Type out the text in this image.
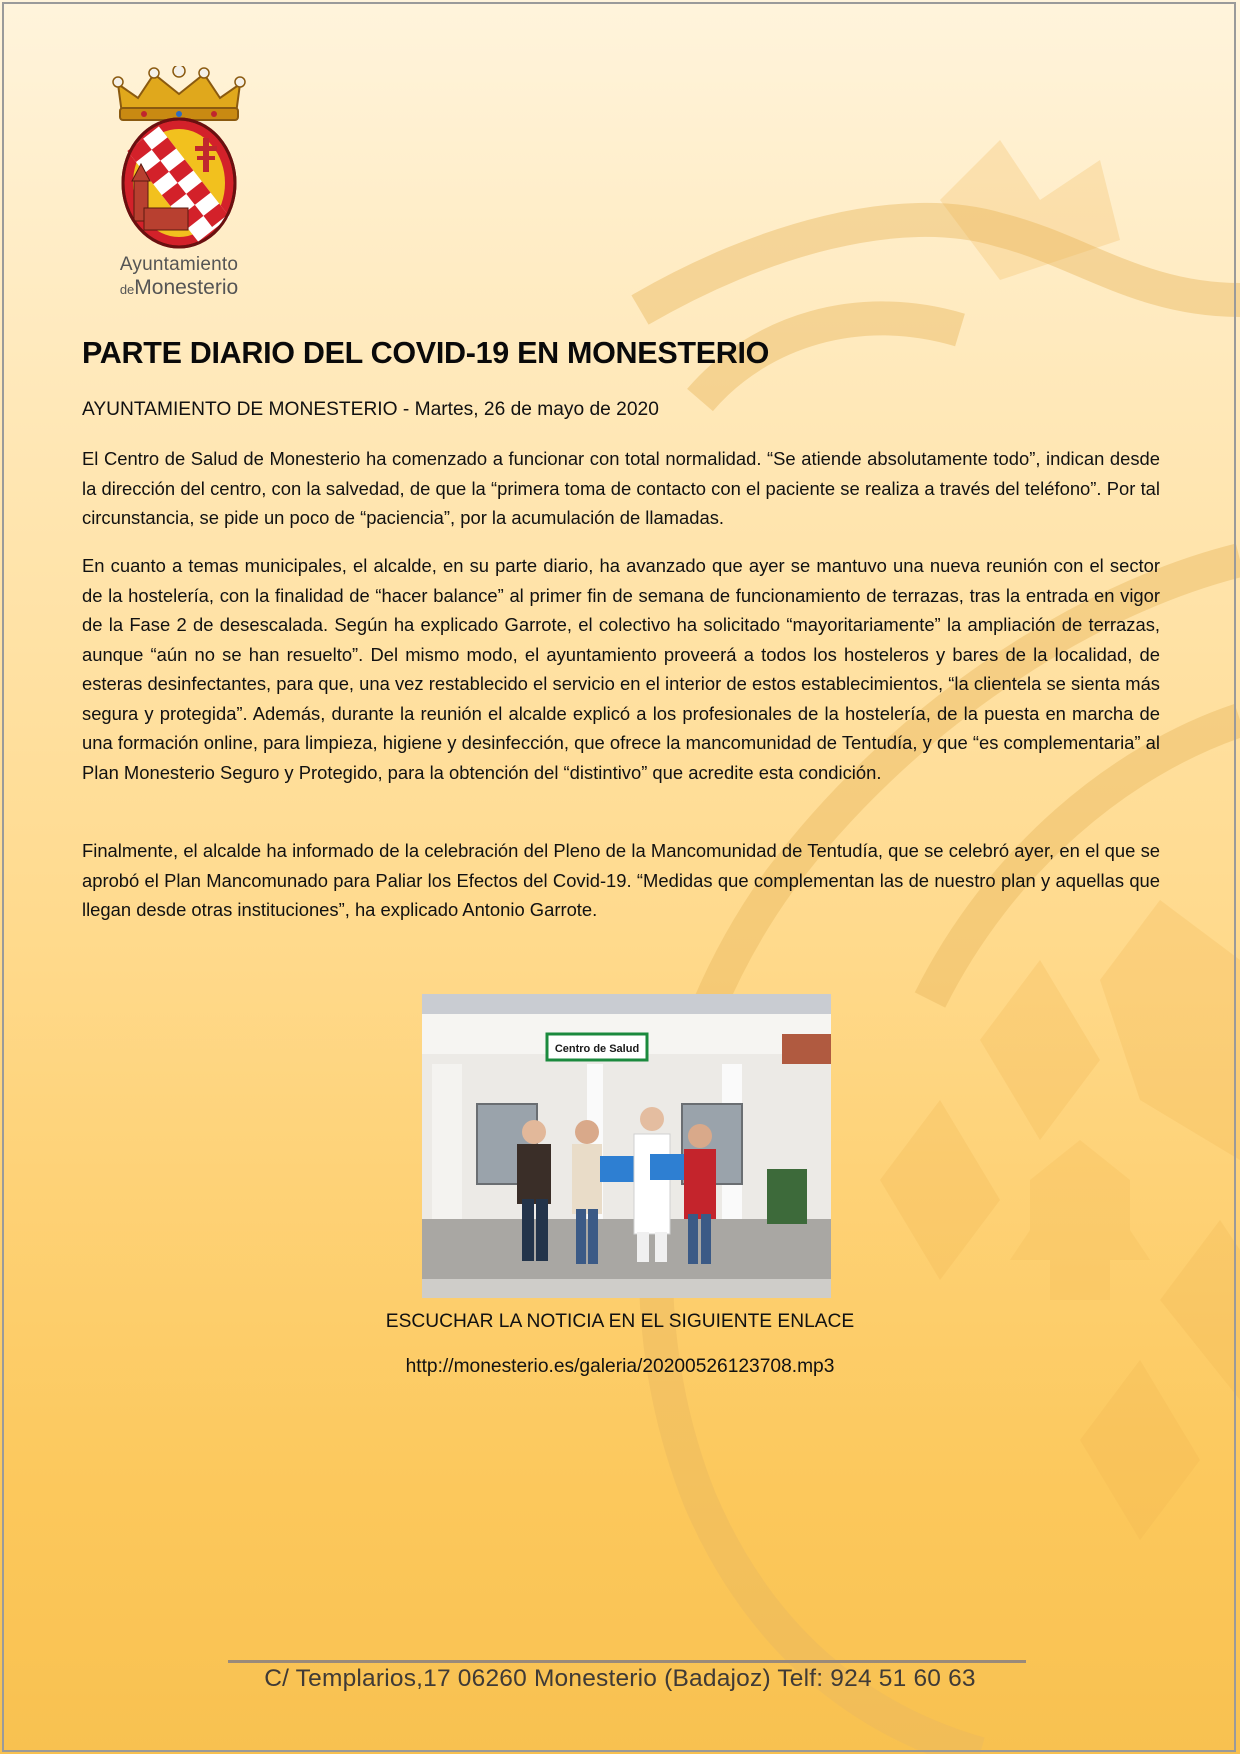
Ayuntamiento
deMonesterio
PARTE DIARIO DEL COVID-19 EN MONESTERIO

AYUNTAMIENTO DE MONESTERIO - Martes, 26 de mayo de 2020

El Centro de Salud de Monesterio ha comenzado a funcionar con total normalidad. “Se atiende absolutamente todo”, indican desde la dirección del centro, con la salvedad, de que la “primera toma de contacto con el paciente se realiza a través del teléfono”. Por tal circunstancia, se pide un poco de “paciencia”, por la acumulación de llamadas.

En cuanto a temas municipales, el alcalde, en su parte diario, ha avanzado que ayer se mantuvo una nueva reunión con el sector de la hostelería, con la finalidad de “hacer balance” al primer fin de semana de funcionamiento de terrazas, tras la entrada en vigor de la Fase 2 de desescalada. Según ha explicado Garrote, el colectivo ha solicitado “mayoritariamente” la ampliación de terrazas, aunque “aún no se han resuelto”. Del mismo modo, el ayuntamiento proveerá a todos los hosteleros y bares de la localidad, de esteras desinfectantes, para que, una vez restablecido el servicio en el interior de estos establecimientos, “la clientela se sienta más segura y protegida”. Además, durante la reunión el alcalde explicó a los profesionales de la hostelería, de la puesta en marcha de una formación online, para limpieza, higiene y desinfección, que ofrece la mancomunidad de Tentudía, y que “es complementaria” al Plan Monesterio Seguro y Protegido, para la obtención del “distintivo” que acredite esta condición.

Finalmente, el alcalde ha informado de la celebración del Pleno de la Mancomunidad de Tentudía, que se celebró ayer, en el que se aprobó el Plan Mancomunado para Paliar los Efectos del Covid-19. “Medidas que complementan las de nuestro plan y aquellas que llegan desde otras instituciones”, ha explicado Antonio Garrote.

Centro de Salud

ESCUCHAR LA NOTICIA EN EL SIGUIENTE ENLACE

http://monesterio.es/galeria/20200526123708.mp3

C/ Templarios,17 06260 Monesterio (Badajoz) Telf: 924 51 60 63
